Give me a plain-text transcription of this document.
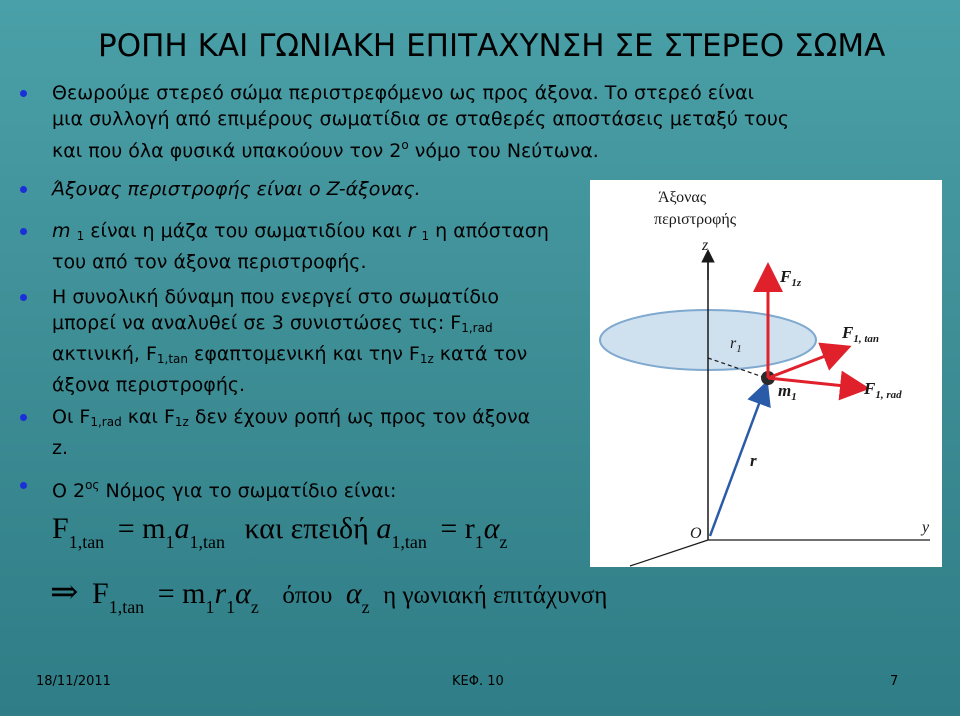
ΡΟΠΗ ΚΑΙ ΓΩΝΙΑΚΗ ΕΠΙΤΑΧΥΝΣΗ ΣΕ ΣΤΕΡΕΟ ΣΩΜΑ
Θεωρούμε στερεό σώμα περιστρεφόμενο ως προς άξονα. Το στερεό είναι
μια συλλογή από επιμέρους σωματίδια σε σταθερές αποστάσεις μεταξύ τους
και που όλα φυσικά υπακούουν τον $2^o$ νόμο του Νεύτωνα.
Άξονας περιστροφής είναι ο Z-άξονας.
m $_1$ είναι η μάζα του σωματιδίου και r $_1$ η απόσταση
του από τον άξονα περιστροφής.
Η συνολική δύναμη που ενεργεί στο σωματίδιο
μπορεί να αναλυθεί σε 3 συνιστώσες τις: $F_{1,rad}$
ακτινική, $F_{1,tan}$ εφαπτομενική και την $F_{1z}$ κατά τον
άξονα περιστροφής.
Οι $F_{1,rad}$ και $F_{1z}$ δεν έχουν ροπή ως προς τον άξονα
z.
Ο $2^{o\varsigma}$ Νόμος για το σωματίδιο είναι:
$F_{1,tan} = m_1a_{1,tan}$ και επειδή $a_{1,tan} = r_1\alpha_z$
⇒ $F_{1,tan} = m_1r_1\alpha_z$ όπου $\alpha_z$ η γωνιακή επιτάχυνση
Άξονας
περιστροφής
z
$F_{1z}$
$F_{1, tan}$
$F_{1, rad}$
$r_1$
$m_1$
r
O	y
18/11/2011	ΚΕΦ. 10	7
